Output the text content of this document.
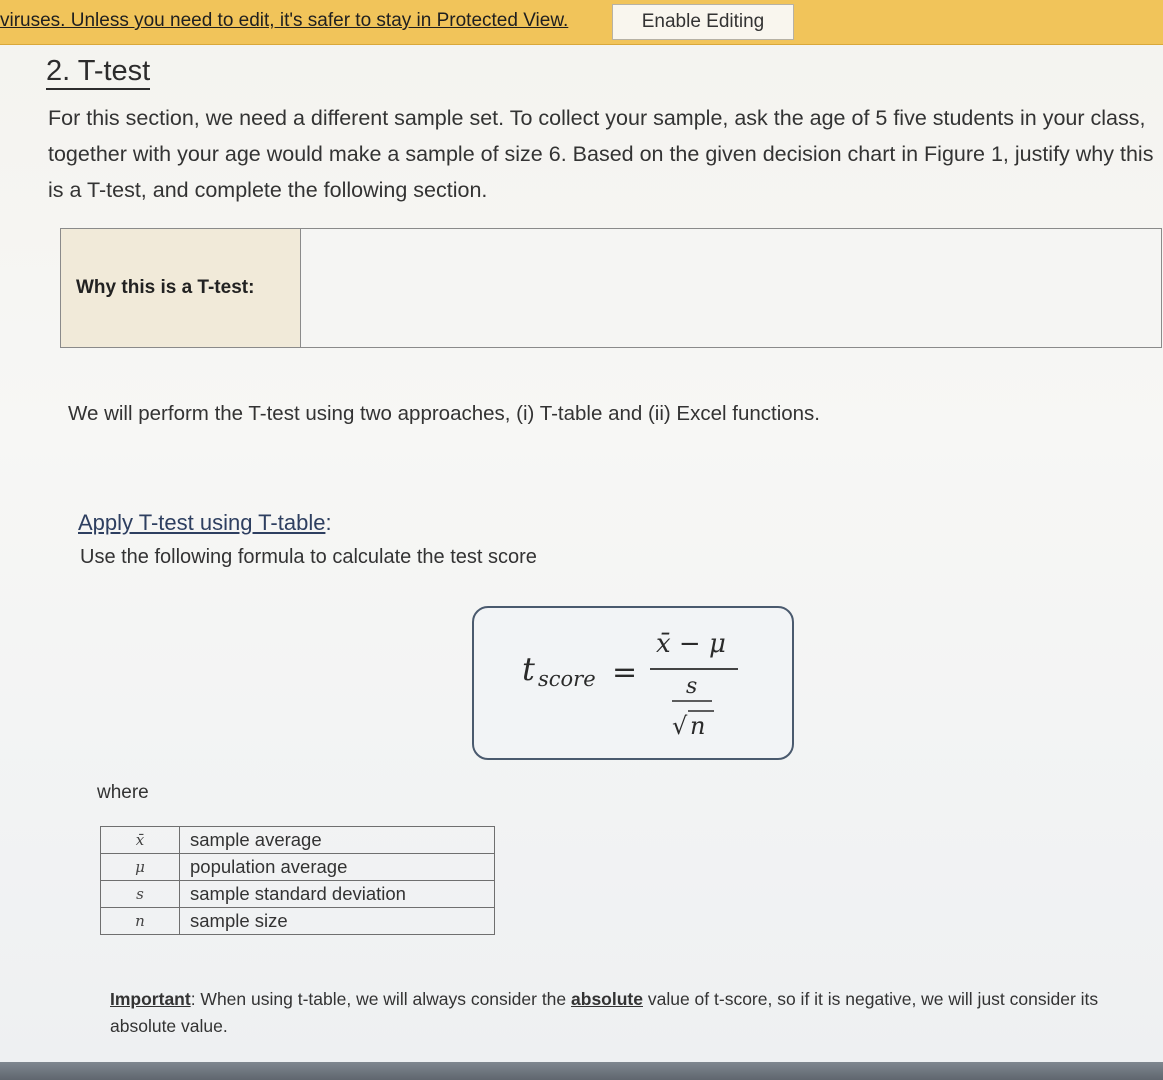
viruses. Unless you need to edit, it's safer to stay in Protected View.	Enable Editing
2. T-test
For this section, we need a different sample set. To collect your sample, ask the age of 5 five students in your class, together with your age would make a sample of size 6. Based on the given decision chart in Figure 1, justify why this is a T-test, and complete the following section.
Why this is a T-test:
We will perform the T-test using two approaches, (i) T-table and (ii) Excel functions.
Apply T-test using T-table:
Use the following formula to calculate the test score
t score =
x̄ − μ
s
√ n
where
x̄	sample average
μ	population average
s	sample standard deviation
n	sample size
Important: When using t-table, we will always consider the absolute value of t-score, so if it is negative, we will just consider its absolute value.
